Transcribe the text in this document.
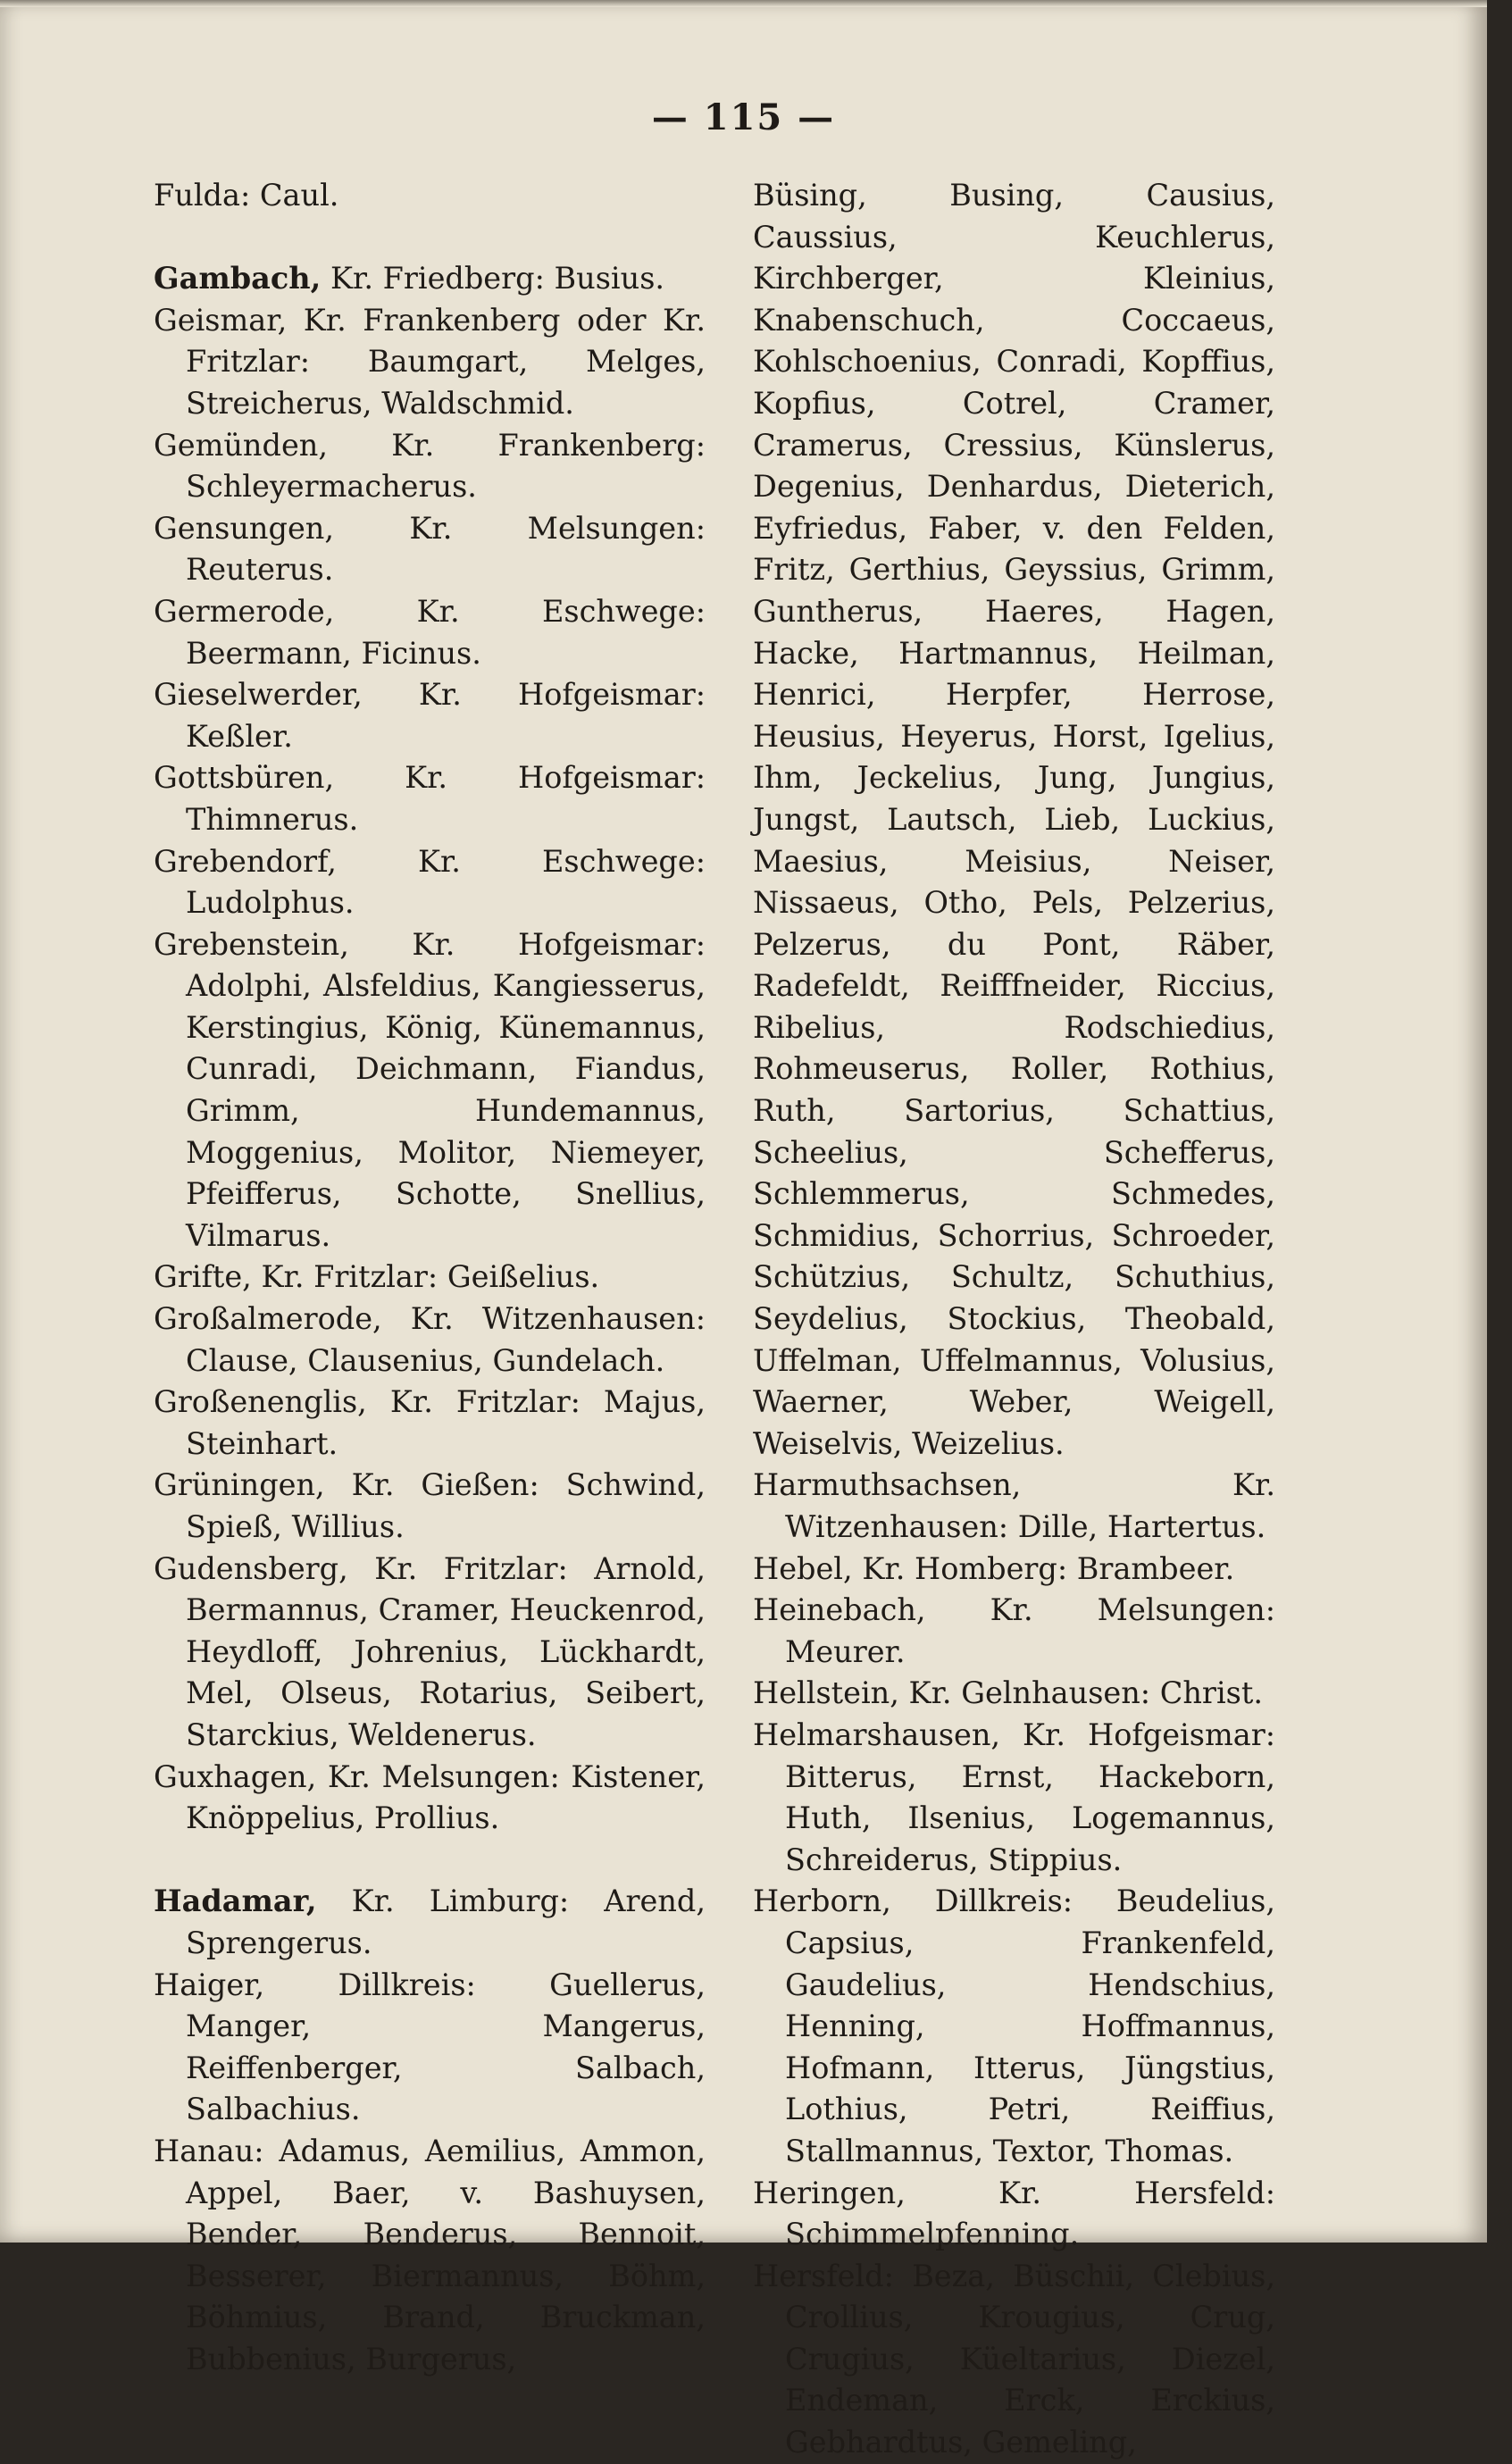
— 115 —

Fulda: Caul.

Gambach, Kr. Friedberg: Busius.

Geismar, Kr. Frankenberg oder Kr. Fritzlar: Baumgart, Melges, Streicherus, Waldschmid.

Gemünden, Kr. Frankenberg: Schleyermacherus.

Gensungen, Kr. Melsungen: Reuterus.

Germerode, Kr. Eschwege: Beermann, Ficinus.

Gieselwerder, Kr. Hofgeismar: Keßler.

Gottsbüren, Kr. Hofgeismar: Thimnerus.

Grebendorf, Kr. Eschwege: Ludolphus.

Grebenstein, Kr. Hofgeismar: Adolphi, Alsfeldius, Kangiesserus, Kerstingius, König, Künemannus, Cunradi, Deichmann, Fiandus, Grimm, Hundemannus, Moggenius, Molitor, Niemeyer, Pfeifferus, Schotte, Snellius, Vilmarus.

Grifte, Kr. Fritzlar: Geißelius.

Großalmerode, Kr. Witzenhausen: Clause, Clausenius, Gundelach.

Großenenglis, Kr. Fritzlar: Majus, Steinhart.

Grüningen, Kr. Gießen: Schwind, Spieß, Willius.

Gudensberg, Kr. Fritzlar: Arnold, Bermannus, Cramer, Heuckenrod, Heydloff, Johrenius, Lückhardt, Mel, Olseus, Rotarius, Seibert, Starckius, Weldenerus.

Guxhagen, Kr. Melsungen: Kistener, Knöppelius, Prollius.

Hadamar, Kr. Limburg: Arend, Sprengerus.

Haiger, Dillkreis: Guellerus, Manger, Mangerus, Reiffenberger, Salbach, Salbachius.

Hanau: Adamus, Aemilius, Ammon, Appel, Baer, v. Bashuysen, Bender, Benderus, Bennoit, Besserer, Biermannus, Böhm, Böhmius, Brand, Bruckman, Bubbenius, Burgerus,

Büsing, Busing, Causius, Caussius, Keuchlerus, Kirchberger, Kleinius, Knabenschuch, Coccaeus, Kohlschoenius, Conradi, Kopffius, Kopfius, Cotrel, Cramer, Cramerus, Cressius, Künslerus, Degenius, Denhardus, Dieterich, Eyfriedus, Faber, v. den Felden, Fritz, Gerthius, Geyssius, Grimm, Guntherus, Haeres, Hagen, Hacke, Hartmannus, Heilman, Henrici, Herpfer, Herrose, Heusius, Heyerus, Horst, Igelius, Ihm, Jeckelius, Jung, Jungius, Jungst, Lautsch, Lieb, Luckius, Maesius, Meisius, Neiser, Nissaeus, Otho, Pels, Pelzerius, Pelzerus, du Pont, Räber, Radefeldt, Reifffneider, Riccius, Ribelius, Rodschiedius, Rohmeuserus, Roller, Rothius, Ruth, Sartorius, Schattius, Scheelius, Schefferus, Schlemmerus, Schmedes, Schmidius, Schorrius, Schroeder, Schützius, Schultz, Schuthius, Seydelius, Stockius, Theobald, Uffelman, Uffelmannus, Volusius, Waerner, Weber, Weigell, Weiselvis, Weizelius.

Harmuthsachsen, Kr. Witzenhausen: Dille, Hartertus.

Hebel, Kr. Homberg: Brambeer.

Heinebach, Kr. Melsungen: Meurer.

Hellstein, Kr. Gelnhausen: Christ.

Helmarshausen, Kr. Hofgeismar: Bitterus, Ernst, Hackeborn, Huth, Ilsenius, Logemannus, Schreiderus, Stippius.

Herborn, Dillkreis: Beudelius, Capsius, Frankenfeld, Gaudelius, Hendschius, Henning, Hoffmannus, Hofmann, Itterus, Jüngstius, Lothius, Petri, Reiffius, Stallmannus, Textor, Thomas.

Heringen, Kr. Hersfeld: Schimmelpfenning.

Hersfeld: Beza, Büschii, Clebius, Crollius, Krougius, Crug, Crugius, Küeltarius, Diezel, Endeman, Erck, Erckius, Gebhardtus, Gemeling,
